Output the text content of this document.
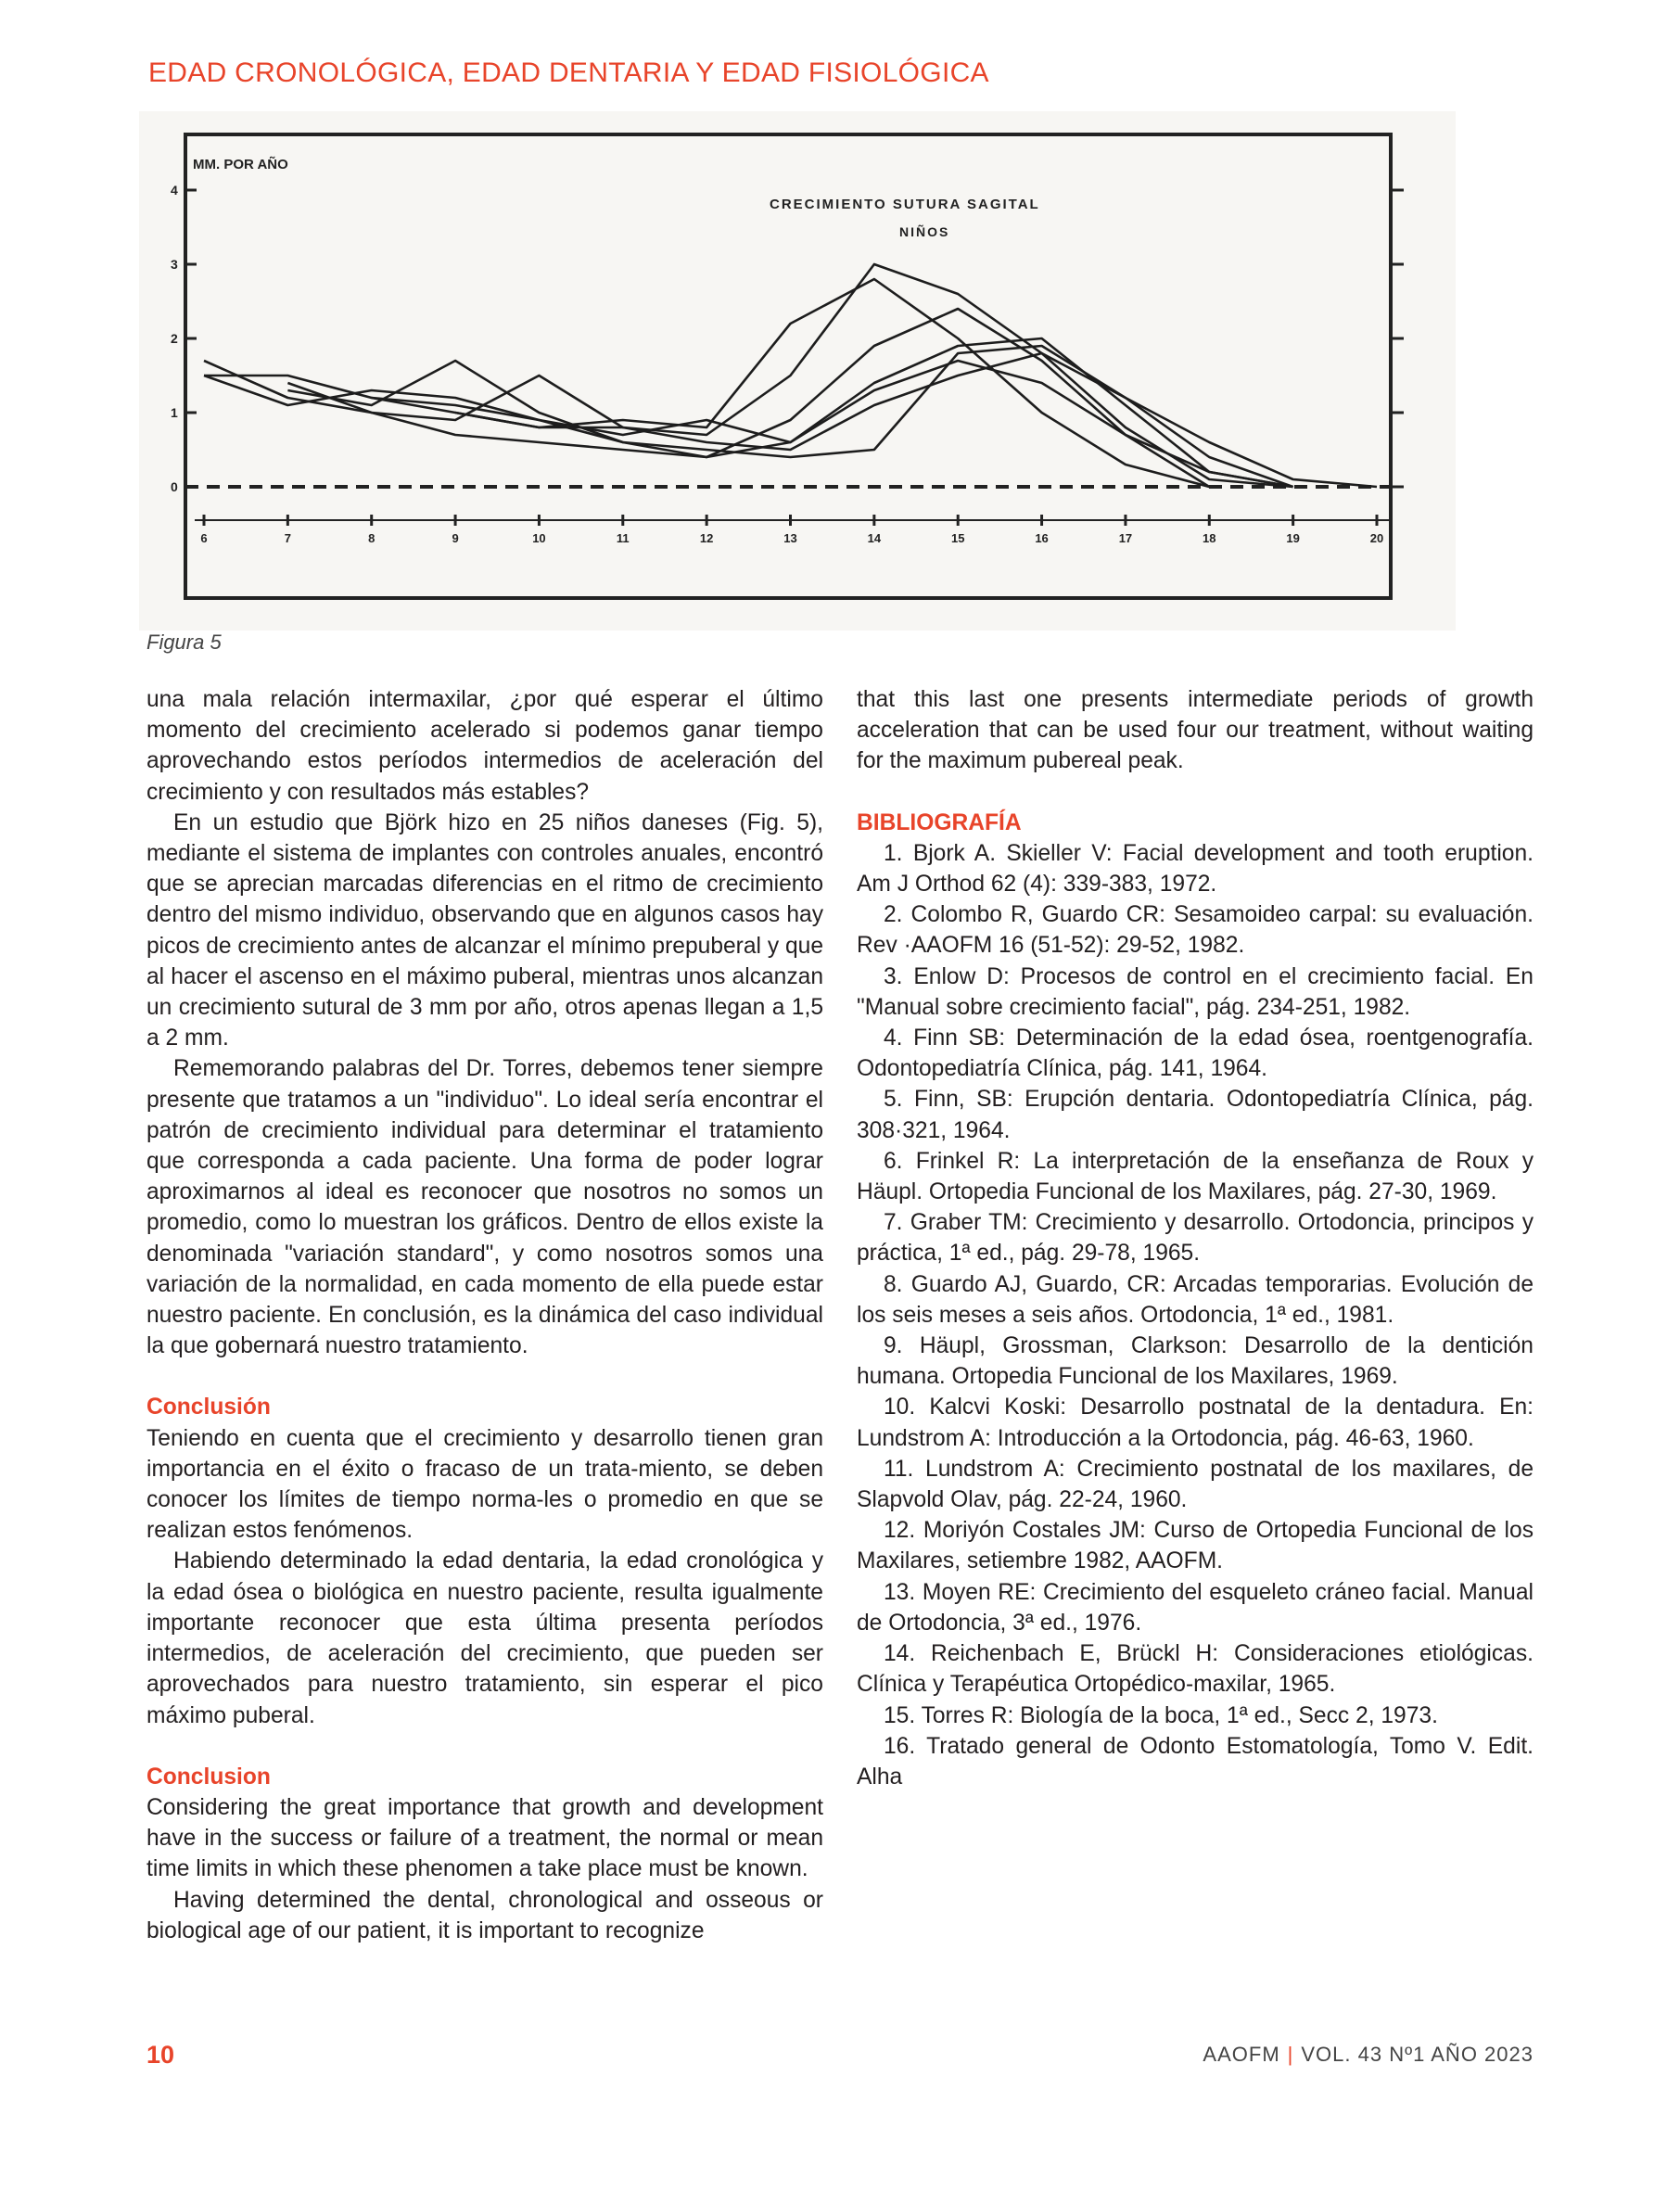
EDAD CRONOLÓGICA, EDAD DENTARIA Y EDAD FISIOLÓGICA
MM. POR AÑO
CRECIMIENTO SUTURA SAGITAL
NIÑOS
0
1
2
3
4
6	7	8	9	10	11	12	13	14	15	16	17	18	19	20
Figura 5

una mala relación intermaxilar, ¿por qué esperar el último momento del crecimiento acelerado si podemos ganar tiempo aprovechando estos períodos intermedios de aceleración del crecimiento y con resultados más estables?

En un estudio que Björk hizo en 25 niños daneses (Fig. 5), mediante el sistema de implantes con controles anuales, encontró que se aprecian marcadas diferencias en el ritmo de crecimiento dentro del mismo individuo, observando que en algunos casos hay picos de crecimiento antes de alcanzar el mínimo prepuberal y que al hacer el ascenso en el máximo puberal, mientras unos alcanzan un crecimiento sutural de 3 mm por año, otros apenas llegan a 1,5 a 2 mm.

Rememorando palabras del Dr. Torres, debemos tener siempre presente que tratamos a un "individuo". Lo ideal sería encontrar el patrón de crecimiento individual para determinar el tratamiento que corresponda a cada paciente. Una forma de poder lograr aproximarnos al ideal es reconocer que nosotros no somos un promedio, como lo muestran los gráficos. Dentro de ellos existe la denominada "variación standard", y como nosotros somos una variación de la normalidad, en cada momento de ella puede estar nuestro paciente. En conclusión, es la dinámica del caso individual la que gobernará nuestro tratamiento.

Conclusión

Teniendo en cuenta que el crecimiento y desarrollo tienen gran importancia en el éxito o fracaso de un trata-miento, se deben conocer los límites de tiempo norma-les o promedio en que se realizan estos fenómenos.

Habiendo determinado la edad dentaria, la edad cronológica y la edad ósea o biológica en nuestro paciente, resulta igualmente importante reconocer que esta última presenta períodos intermedios, de aceleración del crecimiento, que pueden ser aprovechados para nuestro tratamiento, sin esperar el pico máximo puberal.

Conclusion

Considering the great importance that growth and development have in the success or failure of a treatment, the normal or mean time limits in which these phenomen a take place must be known.

Having determined the dental, chronological and osseous or biological age of our patient, it is important to recognize

that this last one presents intermediate periods of growth acceleration that can be used four our treatment, without waiting for the maximum pubereal peak.

BIBLIOGRAFÍA

1. Bjork A. Skieller V: Facial development and tooth eruption. Am J Orthod 62 (4): 339-383, 1972.

2. Colombo R, Guardo CR: Sesamoideo carpal: su evaluación. Rev ·AAOFM 16 (51-52): 29-52, 1982.

3. Enlow D: Procesos de control en el crecimiento facial. En "Manual sobre crecimiento facial", pág. 234-251, 1982.

4. Finn SB: Determinación de la edad ósea, roentgenografía. Odontopediatría Clínica, pág. 141, 1964.

5. Finn, SB: Erupción dentaria. Odontopediatría Clínica, pág. 308·321, 1964.

6. Frinkel R: La interpretación de la enseñanza de Roux y Häupl. Ortopedia Funcional de los Maxilares, pág. 27-30, 1969.

7. Graber TM: Crecimiento y desarrollo. Ortodoncia, principos y práctica, 1ª ed., pág. 29-78, 1965.

8. Guardo AJ, Guardo, CR: Arcadas temporarias. Evolución de los seis meses a seis años. Ortodoncia, 1ª ed., 1981.

9. Häupl, Grossman, Clarkson: Desarrollo de la dentición humana. Ortopedia Funcional de los Maxilares, 1969.

10. Kalcvi Koski: Desarrollo postnatal de la dentadura. En: Lundstrom A: Introducción a la Ortodoncia, pág. 46-63, 1960.

11. Lundstrom A: Crecimiento postnatal de los maxilares, de Slapvold Olav, pág. 22-24, 1960.

12. Moriyón Costales JM: Curso de Ortopedia Funcional de los Maxilares, setiembre 1982, AAOFM.

13. Moyen RE: Crecimiento del esqueleto cráneo facial. Manual de Ortodoncia, 3ª ed., 1976.

14. Reichenbach E, Brückl H: Consideraciones etiológicas. Clínica y Terapéutica Ortopédico-maxilar, 1965.

15. Torres R: Biología de la boca, 1ª ed., Secc 2, 1973.

16. Tratado general de Odonto Estomatología, Tomo V. Edit. Alha

10	AAOFM | VOL. 43 Nº1 AÑO 2023
